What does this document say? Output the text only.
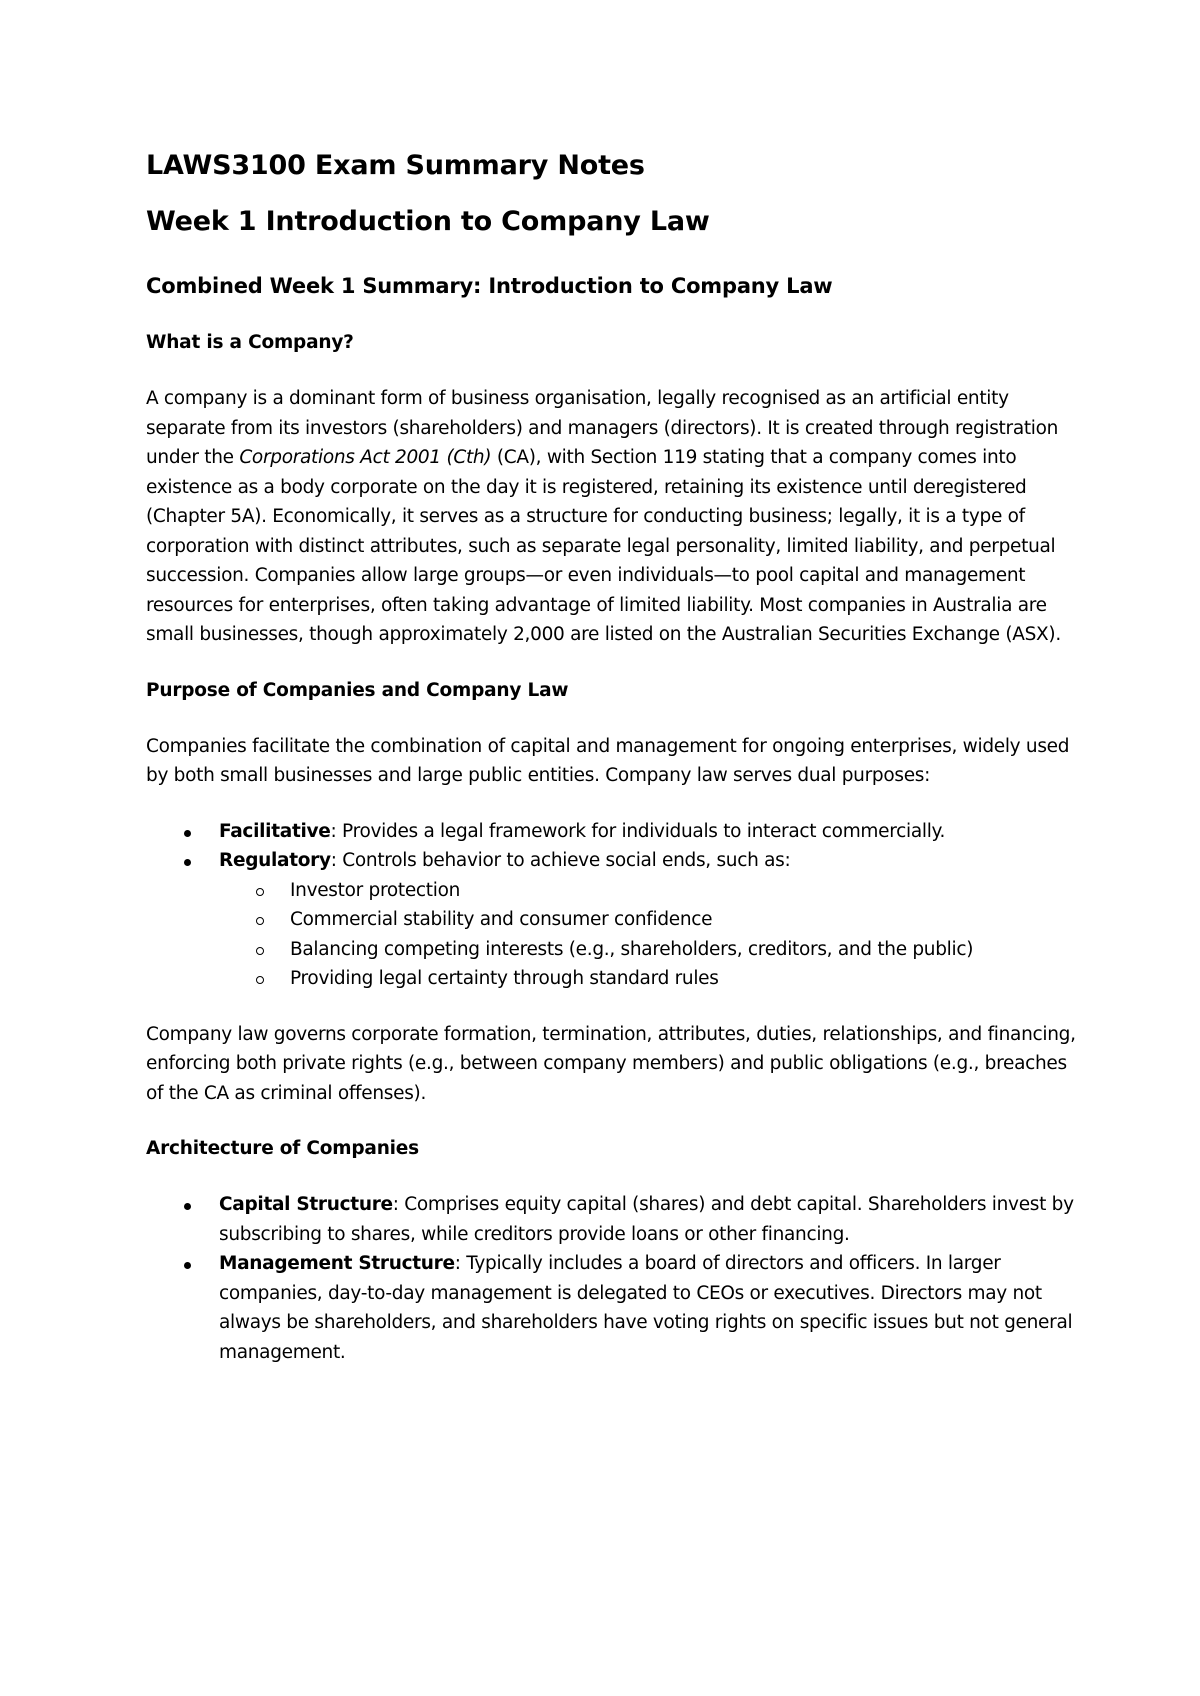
LAWS3100 Exam Summary Notes
Week 1 Introduction to Company Law
Combined Week 1 Summary: Introduction to Company Law
What is a Company?

A company is a dominant form of business organisation, legally recognised as an artificial entity separate from its investors (shareholders) and managers (directors). It is created through registration under the Corporations Act 2001 (Cth) (CA), with Section 119 stating that a company comes into existence as a body corporate on the day it is registered, retaining its existence until deregistered (Chapter 5A). Economically, it serves as a structure for conducting business; legally, it is a type of corporation with distinct attributes, such as separate legal personality, limited liability, and perpetual succession. Companies allow large groups—or even individuals—to pool capital and management resources for enterprises, often taking advantage of limited liability. Most companies in Australia are small businesses, though approximately 2,000 are listed on the Australian Securities Exchange (ASX).

Purpose of Companies and Company Law

Companies facilitate the combination of capital and management for ongoing enterprises, widely used by both small businesses and large public entities. Company law serves dual purposes:

Facilitative: Provides a legal framework for individuals to interact commercially.
Regulatory: Controls behavior to achieve social ends, such as:
Investor protection
Commercial stability and consumer confidence
Balancing competing interests (e.g., shareholders, creditors, and the public)
Providing legal certainty through standard rules

Company law governs corporate formation, termination, attributes, duties, relationships, and financing, enforcing both private rights (e.g., between company members) and public obligations (e.g., breaches of the CA as criminal offenses).

Architecture of Companies
Capital Structure: Comprises equity capital (shares) and debt capital. Shareholders invest by subscribing to shares, while creditors provide loans or other financing.
Management Structure: Typically includes a board of directors and officers. In larger companies, day-to-day management is delegated to CEOs or executives. Directors may not always be shareholders, and shareholders have voting rights on specific issues but not general management.
